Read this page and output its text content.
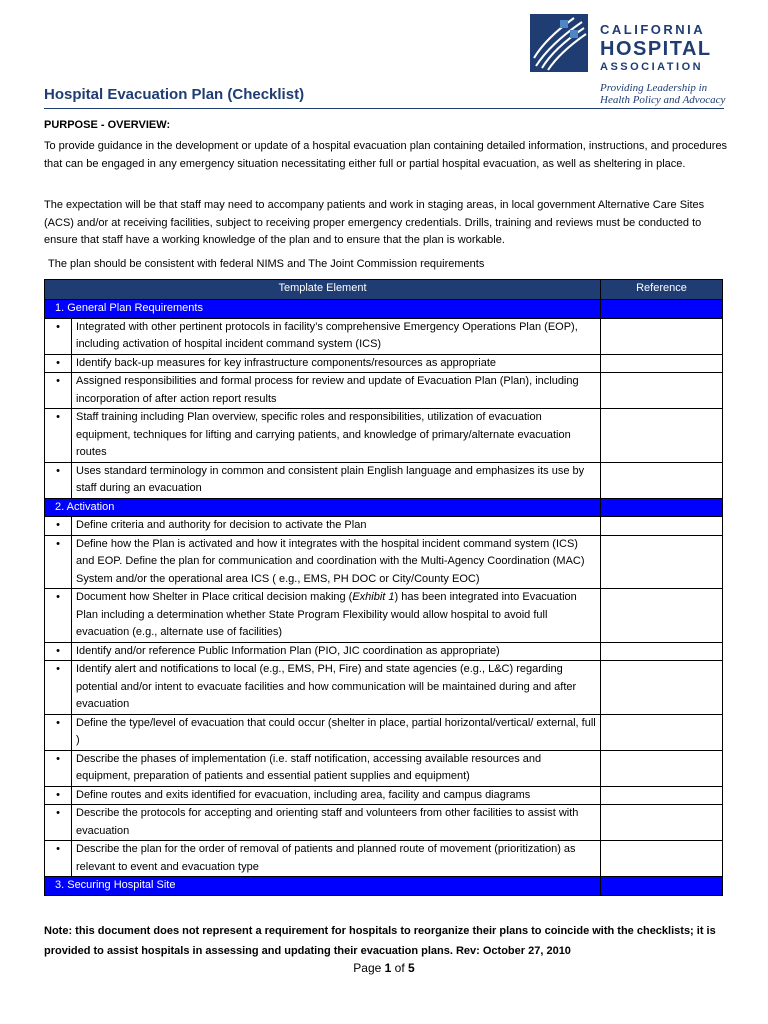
CALIFORNIA
HOSPITAL
ASSOCIATION
Providing Leadership in
Health Policy and Advocacy
Hospital Evacuation Plan (Checklist)
PURPOSE - OVERVIEW:
To provide guidance in the development or update of a hospital evacuation plan containing detailed information, instructions, and procedures that can be engaged in any emergency situation necessitating either full or partial hospital evacuation, as well as sheltering in place.
The expectation will be that staff may need to accompany patients and work in staging areas, in local government Alternative Care Sites (ACS) and/or at receiving facilities, subject to receiving proper emergency credentials. Drills, training and reviews must be conducted to ensure that staff have a working knowledge of the plan and to ensure that the plan is workable.
The plan should be consistent with federal NIMS and The Joint Commission requirements
Template Element		Reference
1. General Plan Requirements		
•	Integrated with other pertinent protocols in facility’s comprehensive Emergency Operations Plan (EOP), including activation of hospital incident command system (ICS)	
•	Identify back-up measures for key infrastructure components/resources as appropriate	
•	Assigned responsibilities and formal process for review and update of Evacuation Plan (Plan), including incorporation of after action report results	
•	Staff training including Plan overview, specific roles and responsibilities, utilization of evacuation equipment, techniques for lifting and carrying patients, and knowledge of primary/alternate evacuation routes	
•	Uses standard terminology in common and consistent plain English language and emphasizes its use by staff during an evacuation	
2. Activation		
•	Define criteria and authority for decision to activate the Plan	
•	Define how the Plan is activated and how it integrates with the hospital incident command system (ICS) and EOP. Define the plan for communication and coordination with the Multi-Agency Coordination (MAC) System and/or the operational area ICS ( e.g., EMS, PH DOC or City/County EOC)	
•	Document how Shelter in Place critical decision making (Exhibit 1) has been integrated into Evacuation Plan including a determination whether State Program Flexibility would allow hospital to avoid full evacuation (e.g., alternate use of facilities)	
•	Identify and/or reference Public Information Plan (PIO, JIC coordination as appropriate)	
•	Identify alert and notifications to local (e.g., EMS, PH, Fire) and state agencies (e.g., L&C) regarding potential and/or intent to evacuate facilities and how communication will be maintained during and after evacuation	
•	Define the type/level of evacuation that could occur (shelter in place, partial horizontal/vertical/ external, full )	
•	Describe the phases of implementation (i.e. staff notification, accessing available resources and equipment, preparation of patients and essential patient supplies and equipment)	
•	Define routes and exits identified for evacuation, including area, facility and campus diagrams	
•	Describe the protocols for accepting and orienting staff and volunteers from other facilities to assist with evacuation	
•	Describe the plan for the order of removal of patients and planned route of movement (prioritization) as relevant to event and evacuation type	
3. Securing Hospital Site		
Note: this document does not represent a requirement for hospitals to reorganize their plans to coincide with the checklists; it is provided to assist hospitals in assessing and updating their evacuation plans. Rev: October 27, 2010
Page 1 of 5
